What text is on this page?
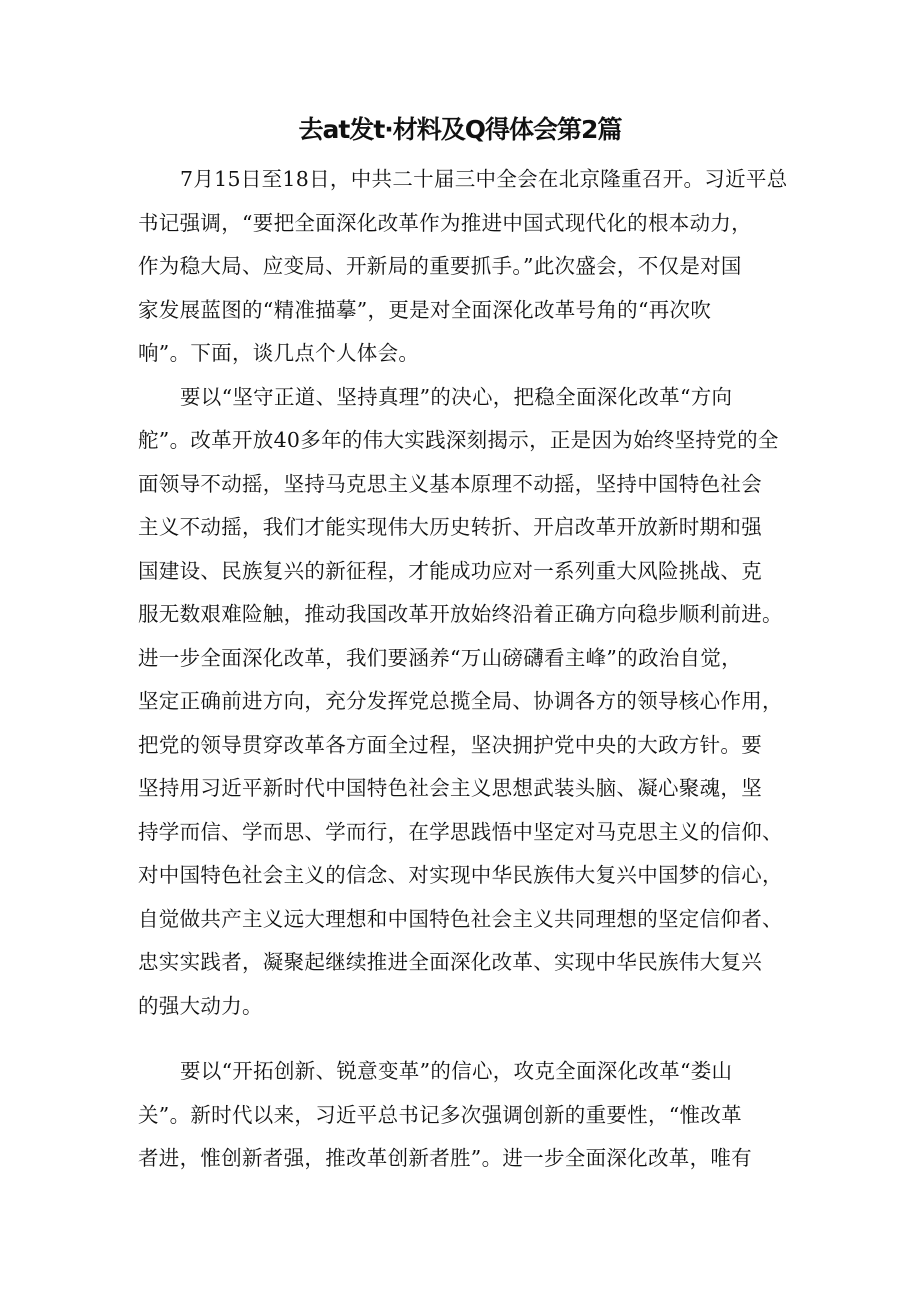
去at发t·材料及Q得体会第2篇
7月15日至18日，中共二十届三中全会在北京隆重召开。习近平总
书记强调，“要把全面深化改革作为推进中国式现代化的根本动力，
作为稳大局、应变局、开新局的重要抓手。”此次盛会，不仅是对国
家发展蓝图的“精准描摹”，更是对全面深化改革号角的“再次吹
响”。下面，谈几点个人体会。
要以“坚守正道、坚持真理”的决心，把稳全面深化改革“方向
舵”。改革开放40多年的伟大实践深刻揭示，正是因为始终坚持党的全
面领导不动摇，坚持马克思主义基本原理不动摇，坚持中国特色社会
主义不动摇，我们才能实现伟大历史转折、开启改革开放新时期和强
国建设、民族复兴的新征程，才能成功应对一系列重大风险挑战、克
服无数艰难险触，推动我国改革开放始终沿着正确方向稳步顺利前进。
进一步全面深化改革，我们要涵养“万山磅礴看主峰”的政治自觉，
坚定正确前进方向，充分发挥党总揽全局、协调各方的领导核心作用，
把党的领导贯穿改革各方面全过程，坚决拥护党中央的大政方针。要
坚持用习近平新时代中国特色社会主义思想武装头脑、凝心聚魂，坚
持学而信、学而思、学而行，在学思践悟中坚定对马克思主义的信仰、
对中国特色社会主义的信念、对实现中华民族伟大复兴中国梦的信心，
自觉做共产主义远大理想和中国特色社会主义共同理想的坚定信仰者、
忠实实践者，凝聚起继续推进全面深化改革、实现中华民族伟大复兴
的强大动力。
要以“开拓创新、锐意变革”的信心，攻克全面深化改革“娄山
关”。新时代以来，习近平总书记多次强调创新的重要性，“惟改革
者进，惟创新者强，推改革创新者胜”。进一步全面深化改革，唯有
